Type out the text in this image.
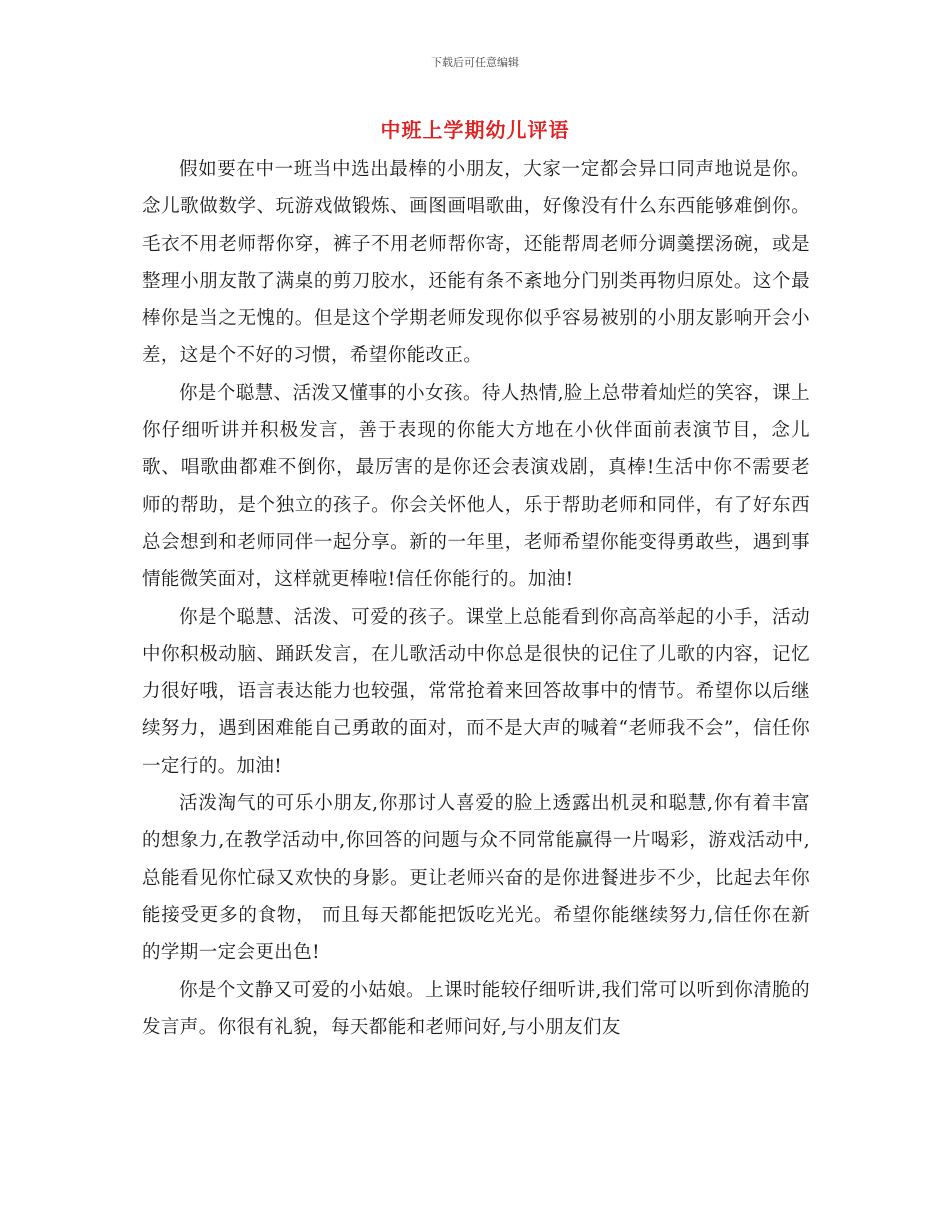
下载后可任意编辑
中班上学期幼儿评语

假如要在中一班当中选出最棒的小朋友，大家一定都会异口同声地说是你。念儿歌做数学、玩游戏做锻炼、画图画唱歌曲，好像没有什么东西能够难倒你。毛衣不用老师帮你穿，裤子不用老师帮你寄，还能帮周老师分调羹摆汤碗，或是整理小朋友散了满桌的剪刀胶水，还能有条不紊地分门别类再物归原处。这个最棒你是当之无愧的。但是这个学期老师发现你似乎容易被别的小朋友影响开会小差，这是个不好的习惯，希望你能改正。

你是个聪慧、活泼又懂事的小女孩。待人热情,脸上总带着灿烂的笑容，课上你仔细听讲并积极发言，善于表现的你能大方地在小伙伴面前表演节目，念儿歌、唱歌曲都难不倒你，最厉害的是你还会表演戏剧，真棒!生活中你不需要老师的帮助，是个独立的孩子。你会关怀他人，乐于帮助老师和同伴，有了好东西总会想到和老师同伴一起分享。新的一年里，老师希望你能变得勇敢些，遇到事情能微笑面对，这样就更棒啦!信任你能行的。加油!

你是个聪慧、活泼、可爱的孩子。课堂上总能看到你高高举起的小手，活动中你积极动脑、踊跃发言，在儿歌活动中你总是很快的记住了儿歌的内容，记忆力很好哦，语言表达能力也较强，常常抢着来回答故事中的情节。希望你以后继续努力，遇到困难能自己勇敢的面对，而不是大声的喊着“老师我不会”，信任你一定行的。加油!

活泼淘气的可乐小朋友,你那讨人喜爱的脸上透露出机灵和聪慧,你有着丰富的想象力,在教学活动中,你回答的问题与众不同常能赢得一片喝彩，游戏活动中,总能看见你忙碌又欢快的身影。更让老师兴奋的是你进餐进步不少，比起去年你能接受更多的食物， 而且每天都能把饭吃光光。希望你能继续努力,信任你在新的学期一定会更出色!

你是个文静又可爱的小姑娘。上课时能较仔细听讲,我们常可以听到你清脆的发言声。你很有礼貌，每天都能和老师问好,与小朋友们友
